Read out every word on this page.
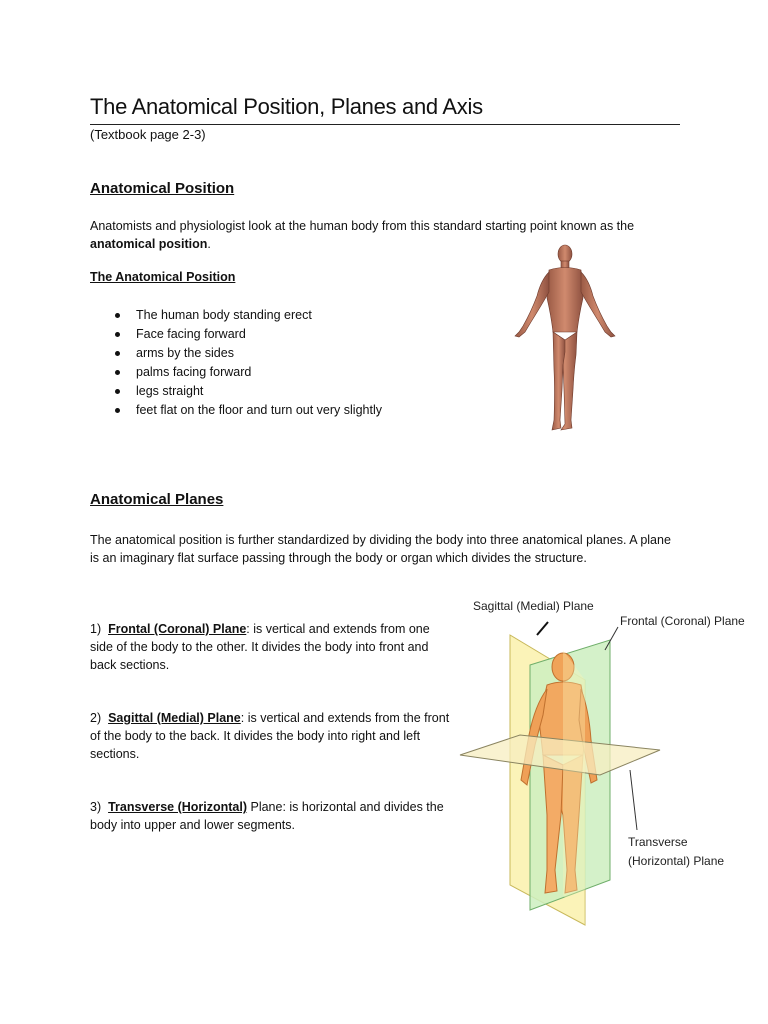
The Anatomical Position, Planes and Axis
(Textbook page 2-3)
Anatomical Position

Anatomists and physiologist look at the human body from this standard starting point known as the anatomical position.

The Anatomical Position
The human body standing erect
Face facing forward
arms by the sides
palms facing forward
legs straight
feet flat on the floor and turn out very slightly
Anatomical Planes

The anatomical position is further standardized by dividing the body into three anatomical planes. A plane is an imaginary flat surface passing through the body or organ which divides the structure.

1) Frontal (Coronal) Plane: is vertical and extends from one side of the body to the other. It divides the body into front and back sections.

2) Sagittal (Medial) Plane: is vertical and extends from the front of the body to the back. It divides the body into right and left sections.

3) Transverse (Horizontal) Plane: is horizontal and divides the body into upper and lower segments.

Sagittal (Medial) Plane
Frontal (Coronal) Plane
Transverse
(Horizontal) Plane
